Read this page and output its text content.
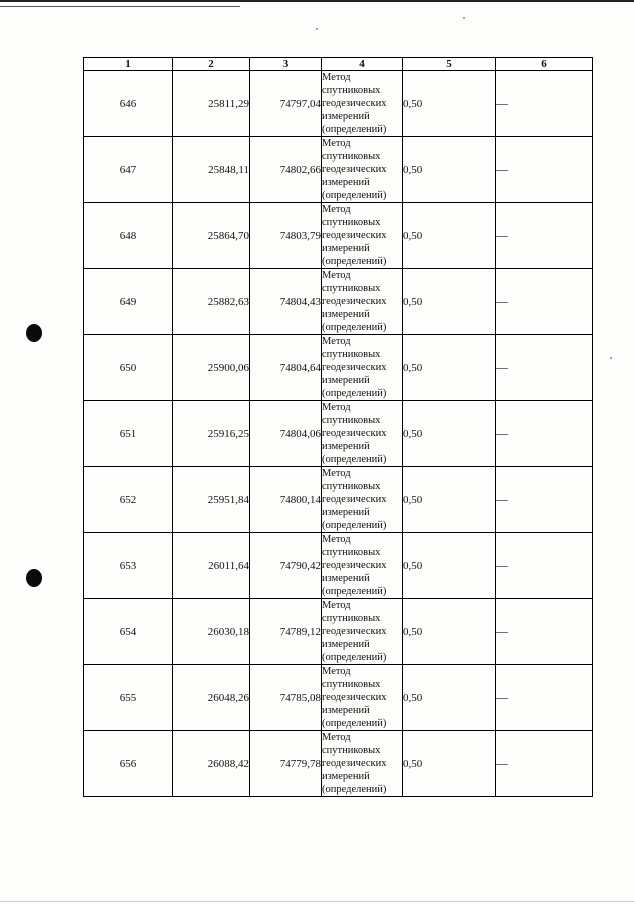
1	2	3	4	5	6
646	25811,29	74797,04	Метод спутниковых геодезических измерений (определений)	0,50	—
647	25848,11	74802,66	Метод спутниковых геодезических измерений (определений)	0,50	—
648	25864,70	74803,79	Метод спутниковых геодезических измерений (определений)	0,50	—
649	25882,63	74804,43	Метод спутниковых геодезических измерений (определений)	0,50	—
650	25900,06	74804,64	Метод спутниковых геодезических измерений (определений)	0,50	—
651	25916,25	74804,06	Метод спутниковых геодезических измерений (определений)	0,50	—
652	25951,84	74800,14	Метод спутниковых геодезических измерений (определений)	0,50	—
653	26011,64	74790,42	Метод спутниковых геодезических измерений (определений)	0,50	—
654	26030,18	74789,12	Метод спутниковых геодезических измерений (определений)	0,50	—
655	26048,26	74785,08	Метод спутниковых геодезических измерений (определений)	0,50	—
656	26088,42	74779,78	Метод спутниковых геодезических измерений (определений)	0,50	—
